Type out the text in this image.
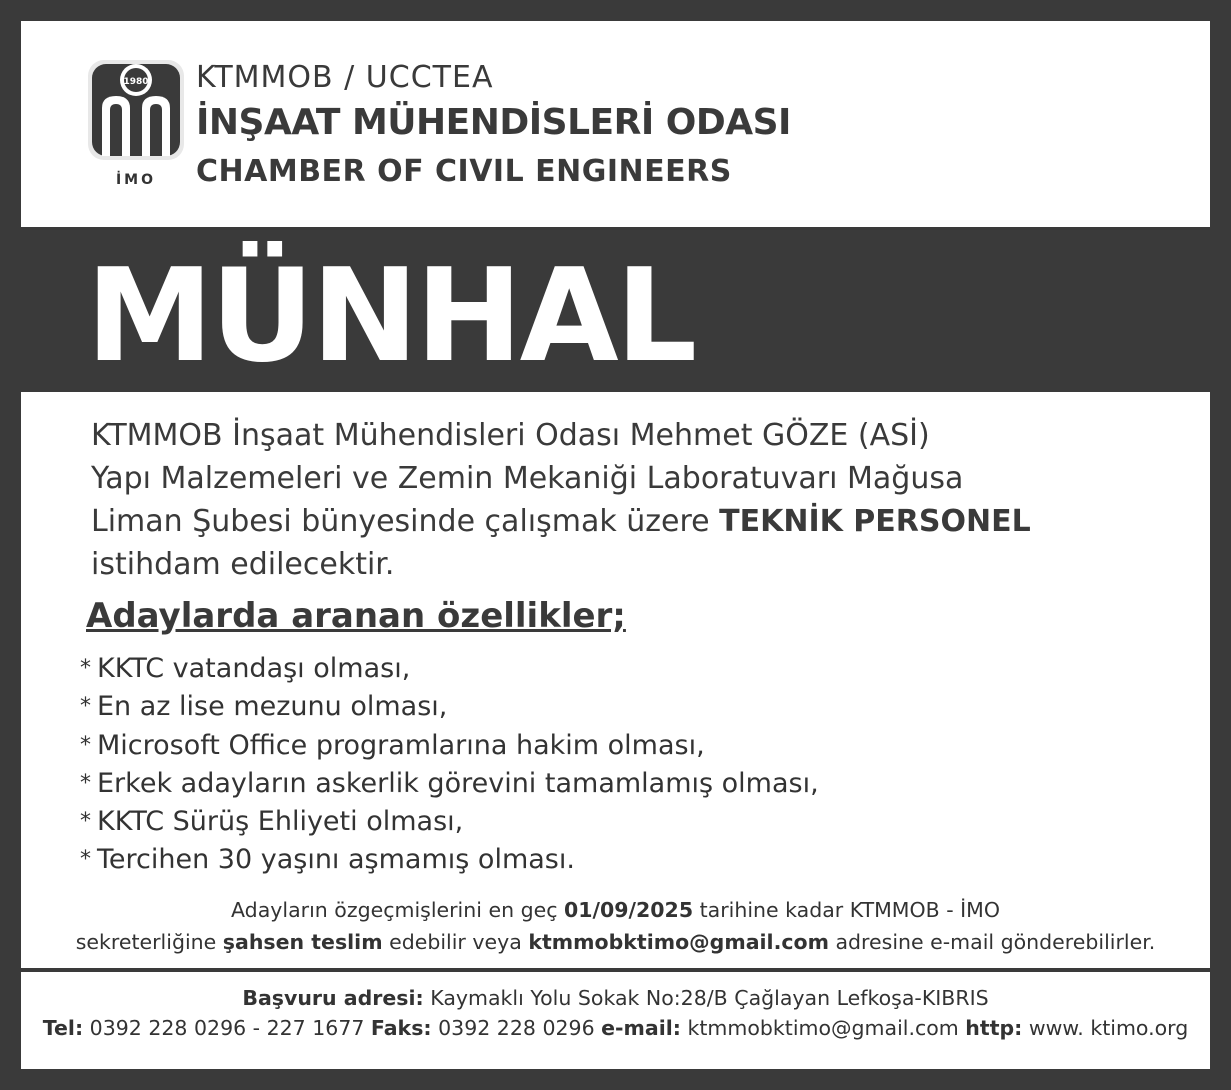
1980
İMO
KTMMOB / UCCTEA
İNŞAAT MÜHENDİSLERİ ODASI
CHAMBER OF CIVIL ENGINEERS
MÜNHAL
KTMMOB İnşaat Mühendisleri Odası Mehmet GÖZE (ASİ)
Yapı Malzemeleri ve Zemin Mekaniği Laboratuvarı Mağusa
Liman Şubesi bünyesinde çalışmak üzere TEKNİK PERSONEL
istihdam edilecektir.
Adaylarda aranan özellikler;
* KKTC vatandaşı olması,
* En az lise mezunu olması,
* Microsoft Office programlarına hakim olması,
* Erkek adayların askerlik görevini tamamlamış olması,
* KKTC Sürüş Ehliyeti olması,
* Tercihen 30 yaşını aşmamış olması.
Adayların özgeçmişlerini en geç 01/09/2025 tarihine kadar KTMMOB - İMO
sekreterliğine şahsen teslim edebilir veya ktmmobktimo@gmail.com adresine e-mail gönderebilirler.
Başvuru adresi: Kaymaklı Yolu Sokak No:28/B Çağlayan Lefkoşa-KIBRIS
Tel: 0392 228 0296 - 227 1677 Faks: 0392 228 0296 e-mail: ktmmobktimo@gmail.com http: www. ktimo.org
